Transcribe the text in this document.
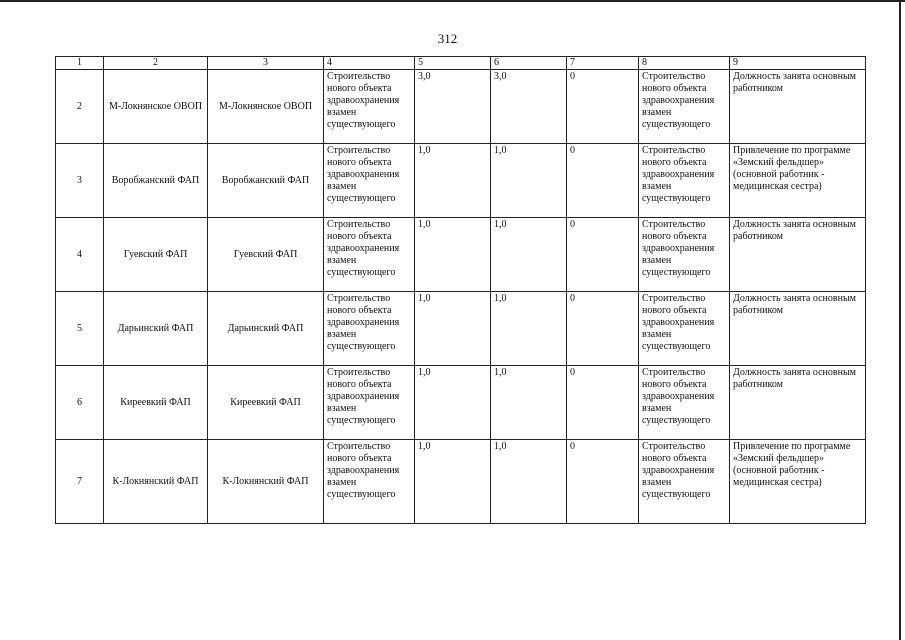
312
1	2	3	4	5	6	7	8	9
2	М-Локнянское ОВОП	М-Локнянское ОВОП	Строительство нового объекта здравоохранения взамен существующего	3,0	3,0	0	Строительство нового объекта здравоохранения взамен существующего	Должность занята основным работником
3	Воробжанский ФАП	Воробжанский ФАП	Строительство нового объекта здравоохранения взамен существующего	1,0	1,0	0	Строительство нового объекта здравоохранения взамен существующего	Привлечение по программе «Земский фельдшер» (основной работник - медицинская сестра)
4	Гуевский ФАП	Гуевский ФАП	Строительство нового объекта здравоохранения взамен существующего	1,0	1,0	0	Строительство нового объекта здравоохранения взамен существующего	Должность занята основным работником
5	Дарьинский ФАП	Дарьинский ФАП	Строительство нового объекта здравоохранения взамен существующего	1,0	1,0	0	Строительство нового объекта здравоохранения взамен существующего	Должность занята основным работником
6	Киреевкий ФАП	Киреевкий ФАП	Строительство нового объекта здравоохранения взамен существующего	1,0	1,0	0	Строительство нового объекта здравоохранения взамен существующего	Должность занята основным работником
7	К-Локнянский ФАП	К-Локнянский ФАП	Строительство нового объекта здравоохранения взамен существующего	1,0	1,0	0	Строительство нового объекта здравоохранения взамен существующего	Привлечение по программе «Земский фельдшер» (основной работник - медицинская сестра)
